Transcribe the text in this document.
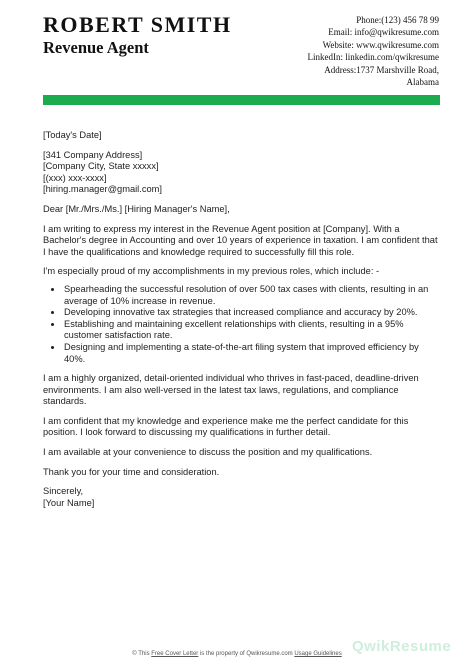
ROBERT SMITH
Revenue Agent
Phone:(123) 456 78 99
Email: info@qwikresume.com
Website: www.qwikresume.com
LinkedIn: linkedin.com/qwikresume
Address:1737 Marshville Road,
Alabama

[Today's Date]

[341 Company Address]
[Company City, State xxxxx]
[(xxx) xxx-xxxx]
[hiring.manager@gmail.com]

Dear [Mr./Mrs./Ms.] [Hiring Manager's Name],

I am writing to express my interest in the Revenue Agent position at [Company]. With a Bachelor's degree in Accounting and over 10 years of experience in taxation. I am confident that I have the qualifications and knowledge required to successfully fill this role.

I'm especially proud of my accomplishments in my previous roles, which include: -

• Spearheading the successful resolution of over 500 tax cases with clients, resulting in an average of 10% increase in revenue.
• Developing innovative tax strategies that increased compliance and accuracy by 20%.
• Establishing and maintaining excellent relationships with clients, resulting in a 95% customer satisfaction rate.
• Designing and implementing a state-of-the-art filing system that improved efficiency by 40%.

I am a highly organized, detail-oriented individual who thrives in fast-paced, deadline-driven environments. I am also well-versed in the latest tax laws, regulations, and compliance standards.

I am confident that my knowledge and experience make me the perfect candidate for this position. I look forward to discussing my qualifications in further detail.

I am available at your convenience to discuss the position and my qualifications.

Thank you for your time and consideration.

Sincerely,
[Your Name]

QwikResume
© This Free Cover Letter is the property of Qwikresume.com Usage Guidelines
